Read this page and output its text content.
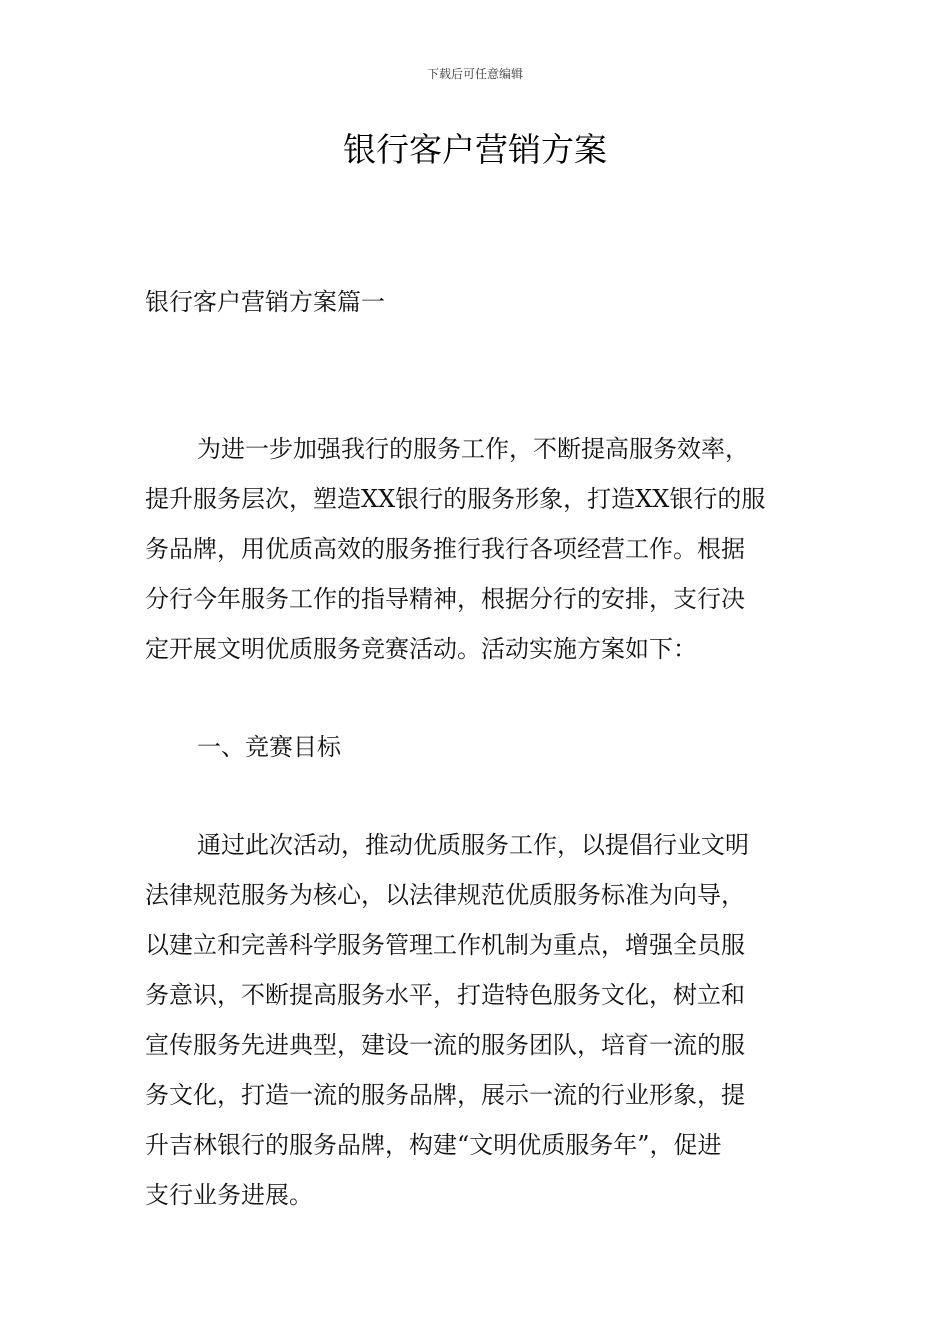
下载后可任意编辑
银行客户营销方案
银行客户营销方案篇一
为进一步加强我行的服务工作，不断提高服务效率，
提升服务层次，塑造XX银行的服务形象，打造XX银行的服
务品牌，用优质高效的服务推行我行各项经营工作。根据
分行今年服务工作的指导精神，根据分行的安排，支行决
定开展文明优质服务竞赛活动。活动实施方案如下：
一、竞赛目标
通过此次活动，推动优质服务工作，以提倡行业文明
法律规范服务为核心，以法律规范优质服务标准为向导，
以建立和完善科学服务管理工作机制为重点，增强全员服
务意识，不断提高服务水平，打造特色服务文化，树立和
宣传服务先进典型，建设一流的服务团队，培育一流的服
务文化，打造一流的服务品牌，展示一流的行业形象，提
升吉林银行的服务品牌，构建“文明优质服务年”，促进
支行业务进展。
